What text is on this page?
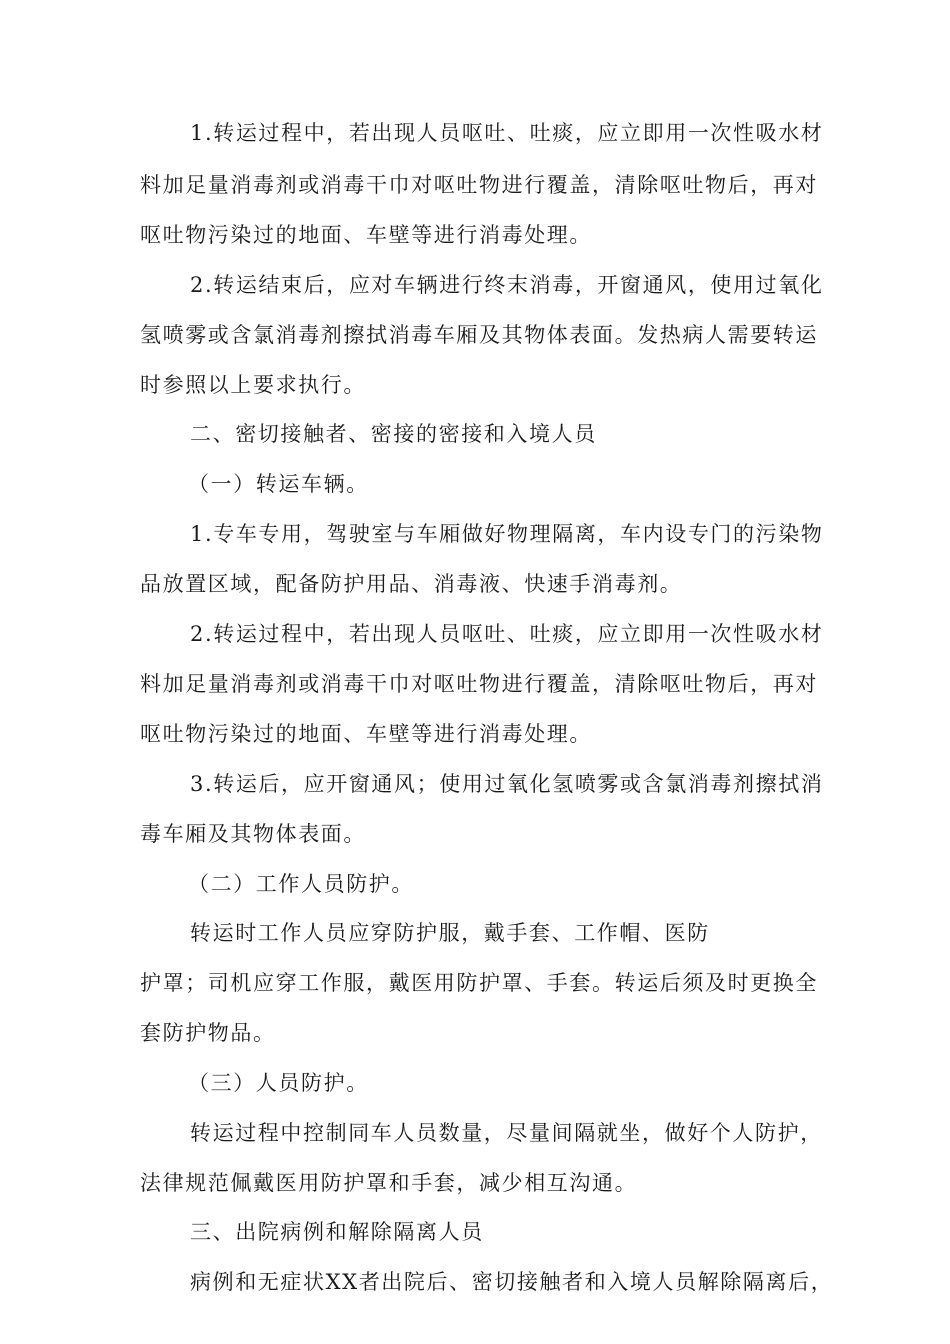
1.转运过程中，若出现人员呕吐、吐痰，应立即用一次性吸水材
料加足量消毒剂或消毒干巾对呕吐物进行覆盖，清除呕吐物后，再对
呕吐物污染过的地面、车壁等进行消毒处理。
2.转运结束后，应对车辆进行终末消毒，开窗通风，使用过氧化
氢喷雾或含氯消毒剂擦拭消毒车厢及其物体表面。发热病人需要转运
时参照以上要求执行。
二、密切接触者、密接的密接和入境人员
（一）转运车辆。
1.专车专用，驾驶室与车厢做好物理隔离，车内设专门的污染物
品放置区域，配备防护用品、消毒液、快速手消毒剂。
2.转运过程中，若出现人员呕吐、吐痰，应立即用一次性吸水材
料加足量消毒剂或消毒干巾对呕吐物进行覆盖，清除呕吐物后，再对
呕吐物污染过的地面、车壁等进行消毒处理。
3.转运后，应开窗通风；使用过氧化氢喷雾或含氯消毒剂擦拭消
毒车厢及其物体表面。
（二）工作人员防护。
转运时工作人员应穿防护服，戴手套、工作帽、医防
护罩；司机应穿工作服，戴医用防护罩、手套。转运后须及时更换全
套防护物品。
（三）人员防护。
转运过程中控制同车人员数量，尽量间隔就坐，做好个人防护，
法律规范佩戴医用防护罩和手套，减少相互沟通。
三、出院病例和解除隔离人员
病例和无症状XX者出院后、密切接触者和入境人员解除隔离后，
